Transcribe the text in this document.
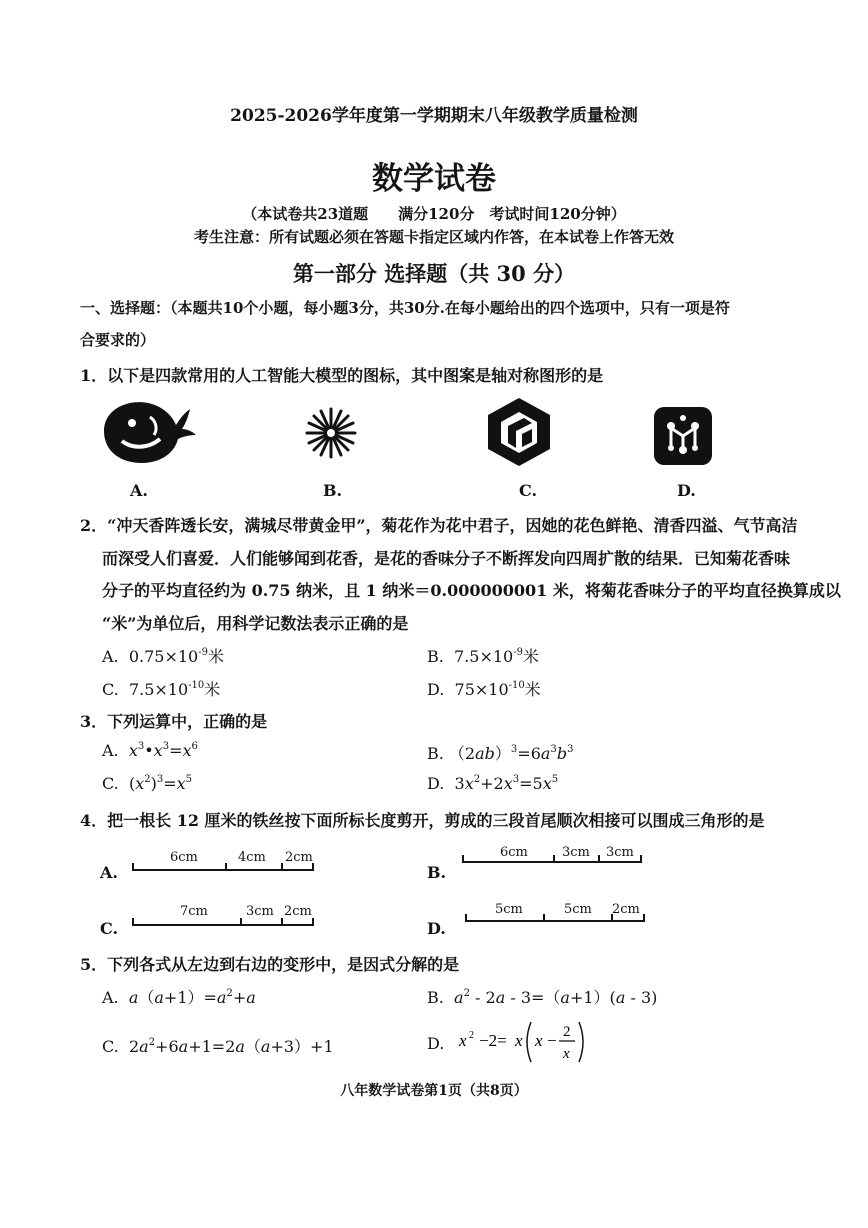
2025-2026学年度第一学期期末八年级教学质量检测
数学试卷
（本试卷共23道题　　满分120分　考试时间120分钟）
考生注意：所有试题必须在答题卡指定区域内作答，在本试卷上作答无效
第一部分 选择题（共 30 分）
一、选择题：（本题共10个小题，每小题3分，共30分.在每小题给出的四个选项中，只有一项是符
合要求的）
1．以下是四款常用的人工智能大模型的图标，其中图案是轴对称图形的是
A.	B.	C.	D.
2．“冲天香阵透长安，满城尽带黄金甲”，菊花作为花中君子，因她的花色鲜艳、清香四溢、气节高洁
而深受人们喜爱．人们能够闻到花香，是花的香味分子不断挥发向四周扩散的结果．已知菊花香味
分子的平均直径约为 0.75 纳米，且 1 纳米＝0.000000001 米，将菊花香味分子的平均直径换算成以
“米”为单位后，用科学记数法表示正确的是
A. $0.75\times 10^{-9}$米	B. $7.5\times 10^{-9}$米
C. $7.5\times 10^{-10}$米	D. $75\times 10^{-10}$米
3．下列运算中，正确的是
A. $x^3•x^3=x^6$	B. $(2ab)^3=6a^3b^3$
C.  $(x^2)^3=x^5$	D.  $3x^2+2x^3=5x^5$
4．把一根长 12 厘米的铁丝按下面所标长度剪开，剪成的三段首尾顺次相接可以围成三角形的是
A.
6cm	4cm 2cm
B.
6cm	3cm 3cm
C.
7cm	3cm 2cm
D.
5cm	5cm 2cm
5．下列各式从左边到右边的变形中，是因式分解的是
A. $a(a+1)=a^2+a$	B. $a^2 - 2a - 3=(a+1)(a - 3)$
C.  $2a^2+6a+1=2a(a+3)+1$	D. x 2 −2= x x − 2
x
八年数学试卷第1页（共8页）
